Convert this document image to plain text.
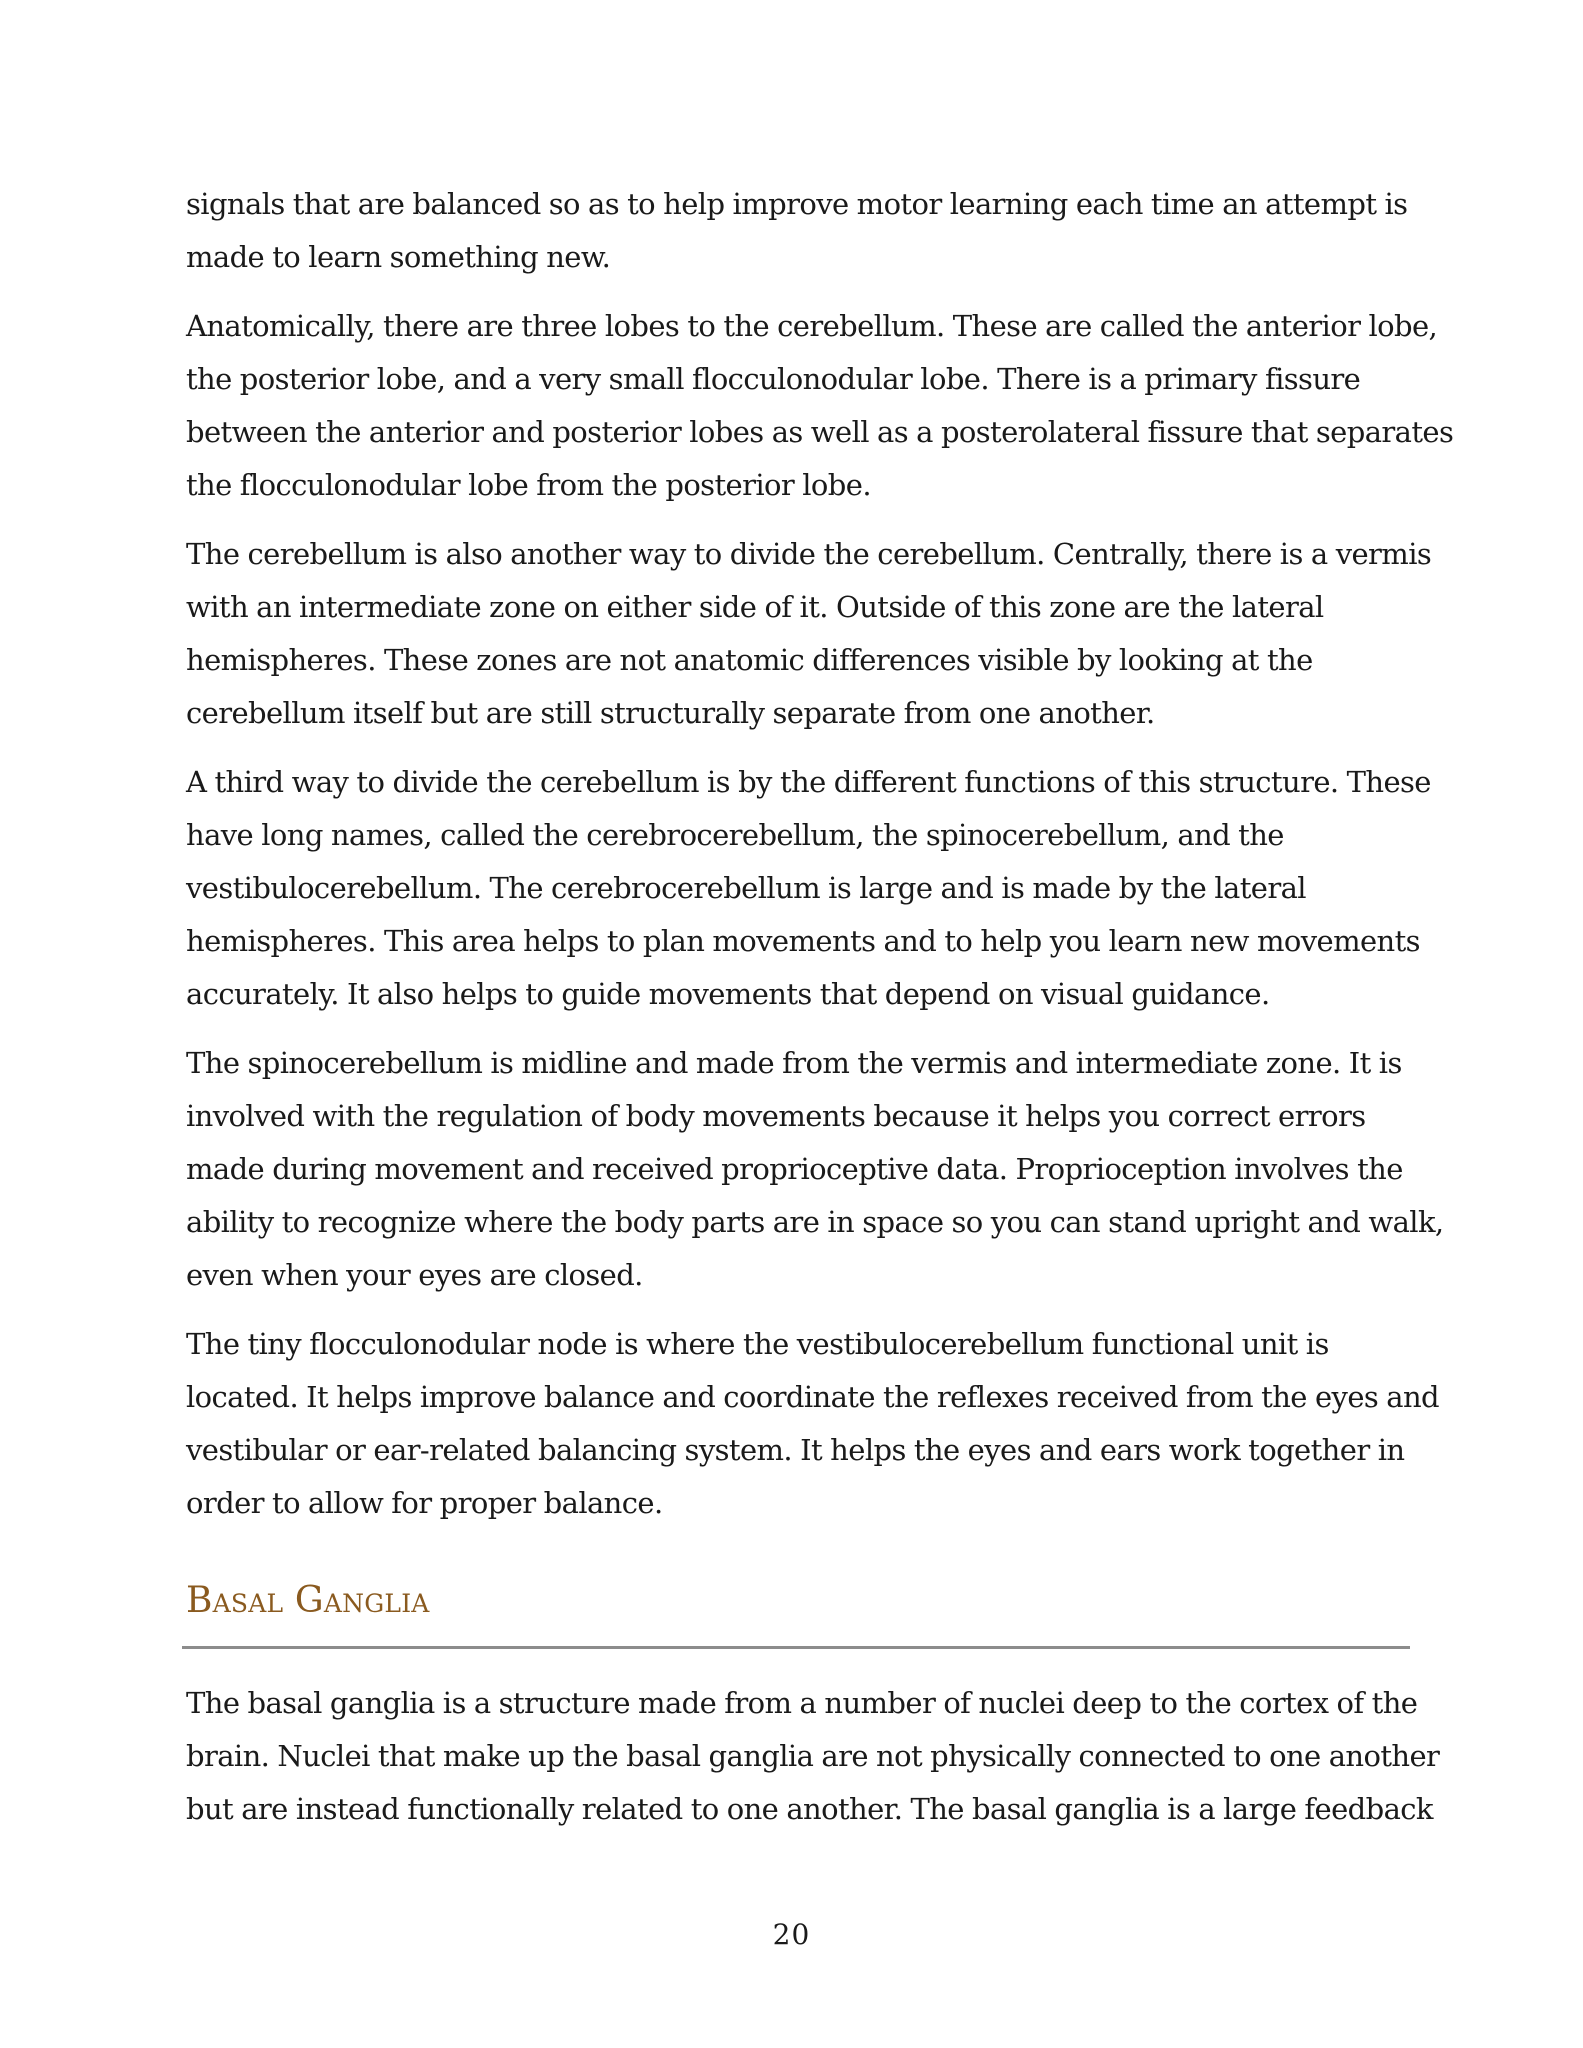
signals that are balanced so as to help improve motor learning each time an attempt is
made to learn something new.

Anatomically, there are three lobes to the cerebellum. These are called the anterior lobe,
the posterior lobe, and a very small flocculonodular lobe. There is a primary fissure
between the anterior and posterior lobes as well as a posterolateral fissure that separates
the flocculonodular lobe from the posterior lobe.

The cerebellum is also another way to divide the cerebellum. Centrally, there is a vermis
with an intermediate zone on either side of it. Outside of this zone are the lateral
hemispheres. These zones are not anatomic differences visible by looking at the
cerebellum itself but are still structurally separate from one another.

A third way to divide the cerebellum is by the different functions of this structure. These
have long names, called the cerebrocerebellum, the spinocerebellum, and the
vestibulocerebellum. The cerebrocerebellum is large and is made by the lateral
hemispheres. This area helps to plan movements and to help you learn new movements
accurately. It also helps to guide movements that depend on visual guidance.

The spinocerebellum is midline and made from the vermis and intermediate zone. It is
involved with the regulation of body movements because it helps you correct errors
made during movement and received proprioceptive data. Proprioception involves the
ability to recognize where the body parts are in space so you can stand upright and walk,
even when your eyes are closed.

The tiny flocculonodular node is where the vestibulocerebellum functional unit is
located. It helps improve balance and coordinate the reflexes received from the eyes and
vestibular or ear-related balancing system. It helps the eyes and ears work together in
order to allow for proper balance.

Basal Ganglia

The basal ganglia is a structure made from a number of nuclei deep to the cortex of the
brain. Nuclei that make up the basal ganglia are not physically connected to one another
but are instead functionally related to one another. The basal ganglia is a large feedback

20
